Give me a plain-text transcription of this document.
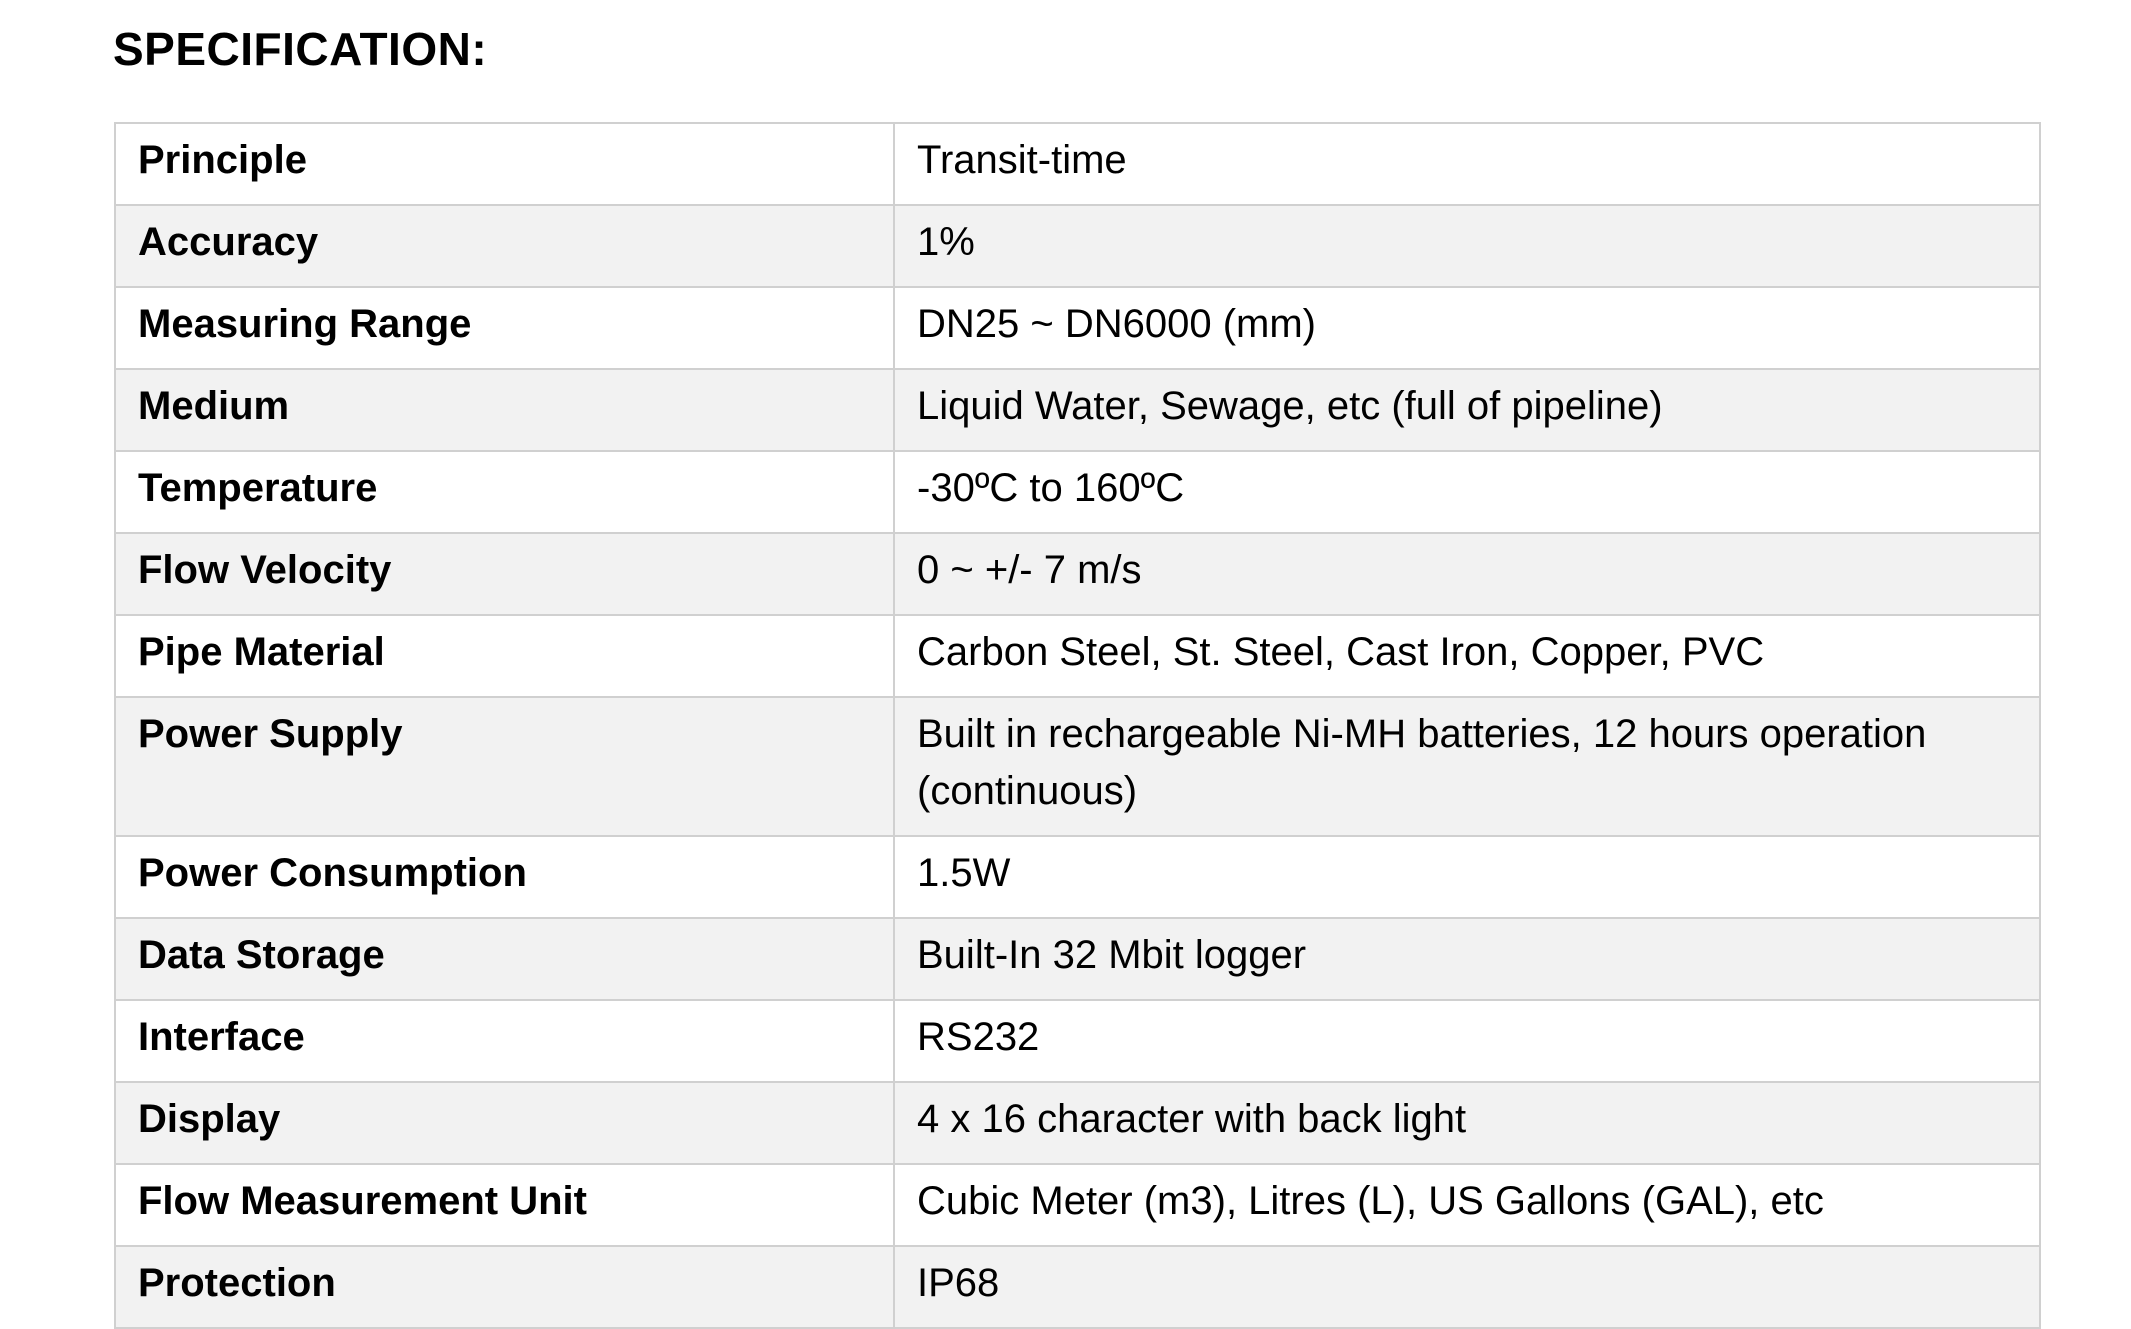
SPECIFICATION:
Principle	Transit-time
Accuracy	1%
Measuring Range	DN25 ~ DN6000 (mm)
Medium	Liquid Water, Sewage, etc (full of pipeline)
Temperature	-30ºC to 160ºC
Flow Velocity	0 ~ +/- 7 m/s
Pipe Material	Carbon Steel, St. Steel, Cast Iron, Copper, PVC
Power Supply	Built in rechargeable Ni-MH batteries, 12 hours operation (continuous)
Power Consumption	1.5W
Data Storage	Built-In 32 Mbit logger
Interface	RS232
Display	4 x 16 character with back light
Flow Measurement Unit	Cubic Meter (m3), Litres (L), US Gallons (GAL), etc
Protection	IP68
